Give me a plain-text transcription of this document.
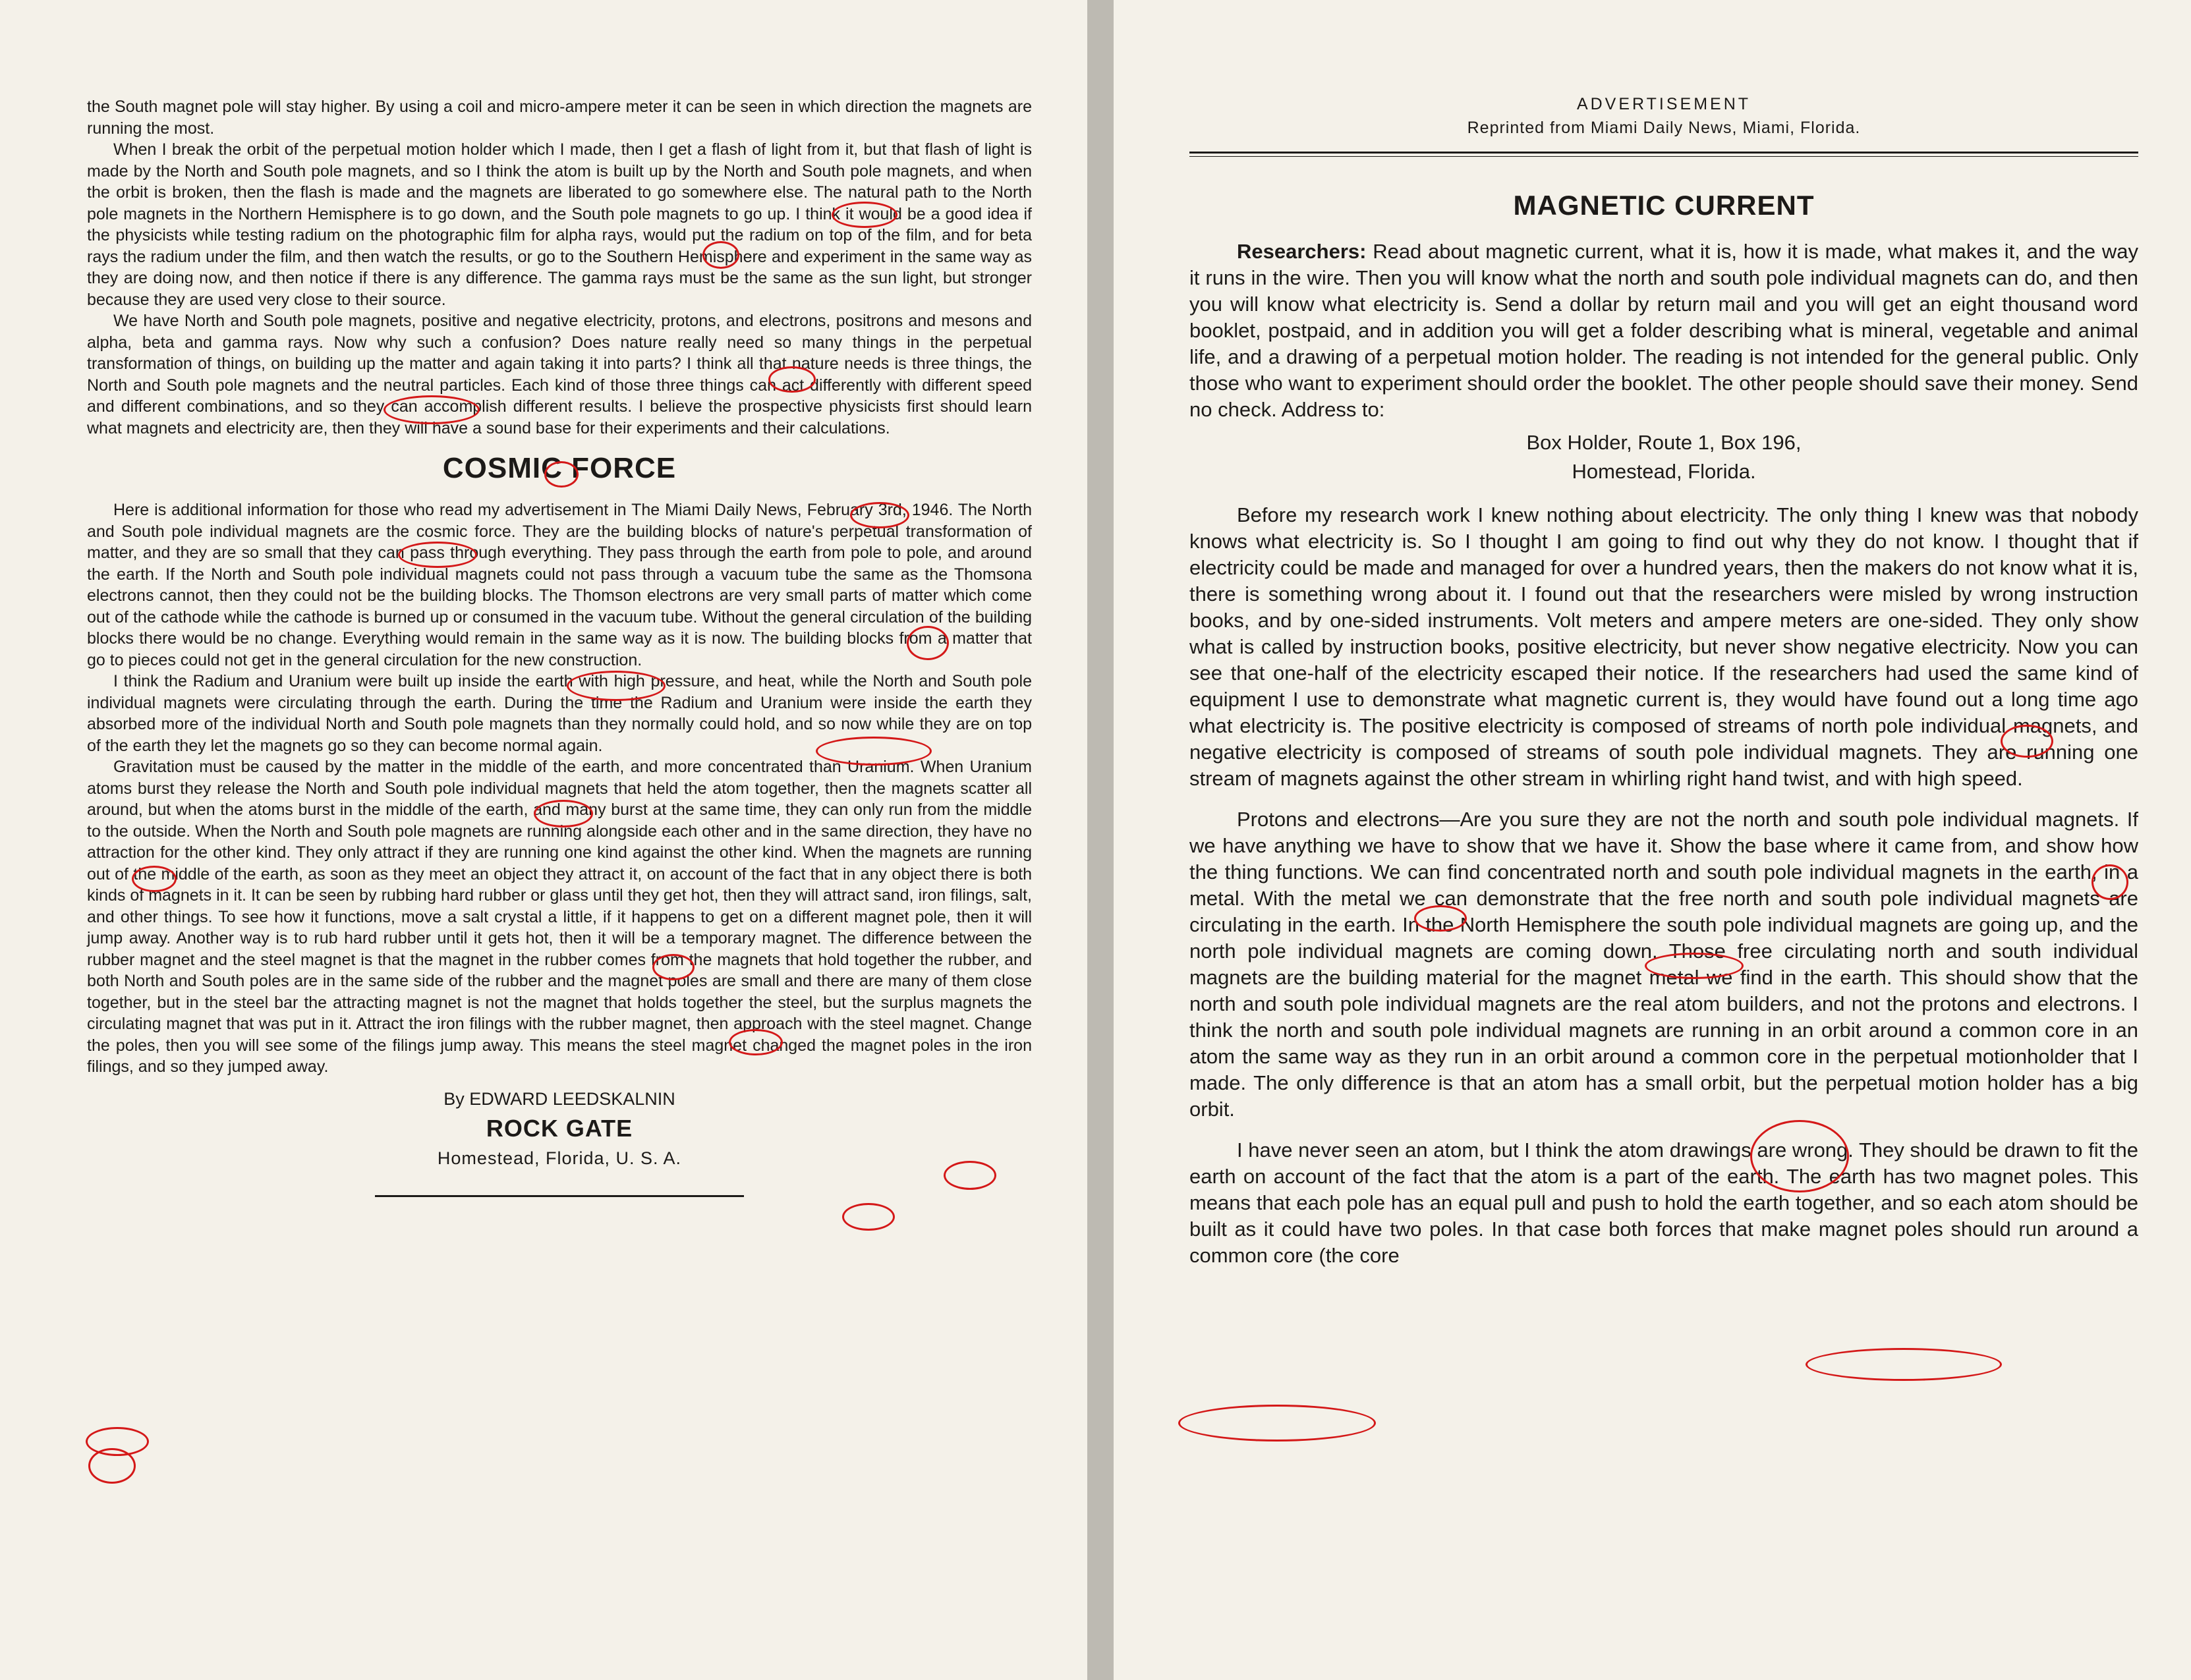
the South magnet pole will stay higher. By using a coil and micro-ampere meter it can be seen in which direction the magnets are running the most.

When I break the orbit of the perpetual motion holder which I made, then I get a flash of light from it, but that flash of light is made by the North and South pole magnets, and so I think the atom is built up by the North and South pole magnets, and when the orbit is broken, then the flash is made and the magnets are liberated to go somewhere else. The natural path to the North pole magnets in the Northern Hemisphere is to go down, and the South pole magnets to go up. I think it would be a good idea if the physicists while testing radium on the photographic film for alpha rays, would put the radium on top of the film, and for beta rays the radium under the film, and then watch the results, or go to the Southern Hemisphere and experiment in the same way as they are doing now, and then notice if there is any difference. The gamma rays must be the same as the sun light, but stronger because they are used very close to their source.

We have North and South pole magnets, positive and negative electricity, protons, and electrons, positrons and mesons and alpha, beta and gamma rays. Now why such a confusion? Does nature really need so many things in the perpetual transformation of things, on building up the matter and again taking it into parts? I think all that nature needs is three things, the North and South pole magnets and the neutral particles. Each kind of those three things can act differently with different speed and different combinations, and so they can accomplish different results. I believe the prospective physicists first should learn what magnets and electricity are, then they will have a sound base for their experiments and their calculations.

COSMIC FORCE

Here is additional information for those who read my advertisement in The Miami Daily News, February 3rd, 1946. The North and South pole individual magnets are the cosmic force. They are the building blocks of nature's perpetual transformation of matter, and they are so small that they can pass through everything. They pass through the earth from pole to pole, and around the earth. If the North and South pole individual magnets could not pass through a vacuum tube the same as the Thomsona electrons cannot, then they could not be the building blocks. The Thomson electrons are very small parts of matter which come out of the cathode while the cathode is burned up or consumed in the vacuum tube. Without the general circulation of the building blocks there would be no change. Everything would remain in the same way as it is now. The building blocks from a matter that go to pieces could not get in the general circulation for the new construction.

I think the Radium and Uranium were built up inside the earth with high pressure, and heat, while the North and South pole individual magnets were circulating through the earth. During the time the Radium and Uranium were inside the earth they absorbed more of the individual North and South pole magnets than they normally could hold, and so now while they are on top of the earth they let the magnets go so they can become normal again.

Gravitation must be caused by the matter in the middle of the earth, and more concentrated than Uranium. When Uranium atoms burst they release the North and South pole individual magnets that held the atom together, then the magnets scatter all around, but when the atoms burst in the middle of the earth, and many burst at the same time, they can only run from the middle to the outside. When the North and South pole magnets are running alongside each other and in the same direction, they have no attraction for the other kind. They only attract if they are running one kind against the other kind. When the magnets are running out of the middle of the earth, as soon as they meet an object they attract it, on account of the fact that in any object there is both kinds of magnets in it. It can be seen by rubbing hard rubber or glass until they get hot, then they will attract sand, iron filings, salt, and other things. To see how it functions, move a salt crystal a little, if it happens to get on a different magnet pole, then it will jump away. Another way is to rub hard rubber until it gets hot, then it will be a temporary magnet. The difference between the rubber magnet and the steel magnet is that the magnet in the rubber comes from the magnets that hold together the rubber, and both North and South poles are in the same side of the rubber and the magnet poles are small and there are many of them close together, but in the steel bar the attracting magnet is not the magnet that holds together the steel, but the surplus magnets the circulating magnet that was put in it. Attract the iron filings with the rubber magnet, then approach with the steel magnet. Change the poles, then you will see some of the filings jump away. This means the steel magnet changed the magnet poles in the iron filings, and so they jumped away.

By EDWARD LEEDSKALNIN
ROCK GATE
Homestead, Florida, U. S. A.
ADVERTISEMENT
Reprinted from Miami Daily News, Miami, Florida.
MAGNETIC CURRENT

Researchers: Read about magnetic current, what it is, how it is made, what makes it, and the way it runs in the wire. Then you will know what the north and south pole individual magnets can do, and then you will know what electricity is. Send a dollar by return mail and you will get an eight thousand word booklet, postpaid, and in addition you will get a folder describing what is mineral, vegetable and animal life, and a drawing of a perpetual motion holder. The reading is not intended for the general public. Only those who want to experiment should order the booklet. The other people should save their money. Send no check. Address to:

Box Holder, Route 1, Box 196,
Homestead, Florida.

Before my research work I knew nothing about electricity. The only thing I knew was that nobody knows what electricity is. So I thought I am going to find out why they do not know. I thought that if electricity could be made and managed for over a hundred years, then the makers do not know what it is, there is something wrong about it. I found out that the researchers were misled by wrong instruction books, and by one-sided instruments. Volt meters and ampere meters are one-sided. They only show what is called by instruction books, positive electricity, but never show negative electricity. Now you can see that one-half of the electricity escaped their notice. If the researchers had used the same kind of equipment I use to demonstrate what magnetic current is, they would have found out a long time ago what electricity is. The positive electricity is composed of streams of north pole individual magnets, and negative electricity is composed of streams of south pole individual magnets. They are running one stream of magnets against the other stream in whirling right hand twist, and with high speed.

Protons and electrons—Are you sure they are not the north and south pole individual magnets. If we have anything we have to show that we have it. Show the base where it came from, and show how the thing functions. We can find concentrated north and south pole individual magnets in the earth, in a metal. With the metal we can demonstrate that the free north and south pole individual magnets are circulating in the earth. In the North Hemisphere the south pole individual magnets are going up, and the north pole individual magnets are coming down. Those free circulating north and south individual magnets are the building material for the magnet metal we find in the earth. This should show that the north and south pole individual magnets are the real atom builders, and not the protons and electrons. I think the north and south pole individual magnets are running in an orbit around a common core in an atom the same way as they run in an orbit around a common core in the perpetual motionholder that I made. The only difference is that an atom has a small orbit, but the perpetual motion holder has a big orbit.

I have never seen an atom, but I think the atom drawings are wrong. They should be drawn to fit the earth on account of the fact that the atom is a part of the earth. The earth has two magnet poles. This means that each pole has an equal pull and push to hold the earth together, and so each atom should be built as it could have two poles. In that case both forces that make magnet poles should run around a common core (the core
